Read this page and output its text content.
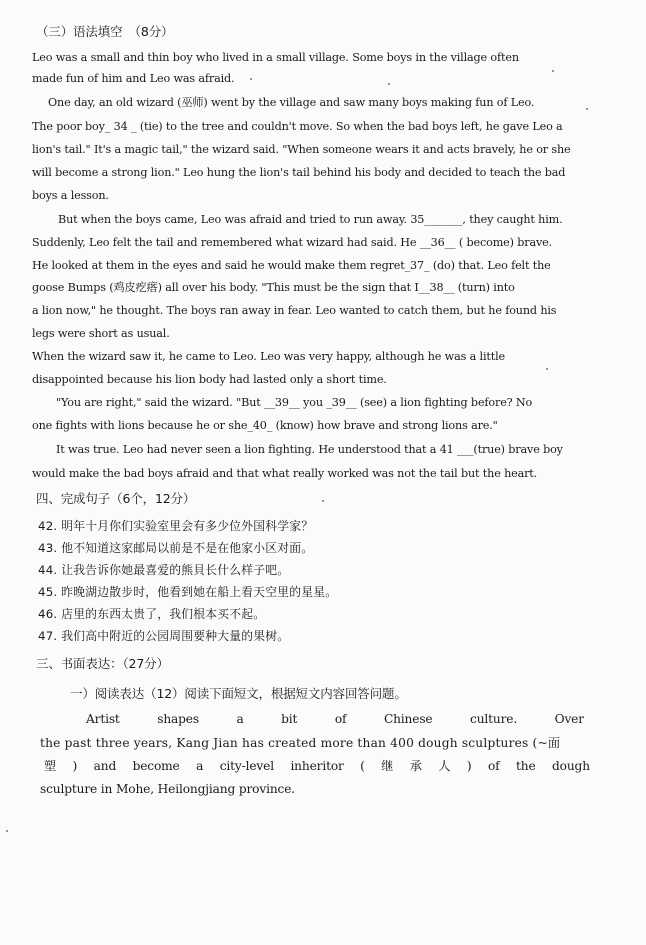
（三）语法填空　（8分）
Leo was a small and thin boy who lived in a small village. Some boys in the village often
made fun of him and Leo was afraid.
One day, an old wizard (巫师) went by the village and saw many boys making fun of Leo.
The poor boy_ 34 _ (tie) to the tree and couldn't move. So when the bad boys left, he gave Leo a
lion's tail." It's a magic tail," the wizard said. "When someone wears it and acts bravely, he or she
will become a strong lion." Leo hung the lion's tail behind his body and decided to teach the bad
boys a lesson.
But when the boys came, Leo was afraid and tried to run away. 35_______, they caught him.
Suddenly, Leo felt the tail and remembered what wizard had said. He __36__ ( become) brave.
He looked at them in the eyes and said he would make them regret_37_ (do) that. Leo felt the
goose Bumps (鸡皮疙瘩) all over his body. "This must be the sign that I__38__ (turn) into
a lion now," he thought. The boys ran away in fear. Leo wanted to catch them, but he found his
legs were short as usual.
When the wizard saw it, he came to Leo. Leo was very happy, although he was a little
disappointed because his lion body had lasted only a short time.
"You are right," said the wizard. "But __39__ you _39__ (see) a lion fighting before? No
one fights with lions because he or she_40_ (know) how brave and strong lions are."
It was true. Leo had never seen a lion fighting. He understood that a 41 ___(true) brave boy
would make the bad boys afraid and that what really worked was not the tail but the heart.
四、完成句子（6个，12分）
42. 明年十月你们实验室里会有多少位外国科学家？
43. 他不知道这家邮局以前是不是在他家小区对面。
44. 让我告诉你她最喜爱的熊貝长什么样子吧。
45. 昨晚湖边散步时，他看到她在船上看天空里的星星。
46. 店里的东西太贵了，我们根本买不起。
47. 我们高中附近的公园周围要种大量的果树。
三、书面表达：（27分）
一）阅读表达（12）阅读下面短文，根据短文内容回答问题。
Artist	shapes	a	bit	of	Chinese	culture.	Over
the past three years, Kang Jian has created more than 400 dough sculptures (~面
塑 ) and become a city-level inheritor ( 继 承 人 ) of the dough
sculpture in Mohe, Heilongjiang province.
